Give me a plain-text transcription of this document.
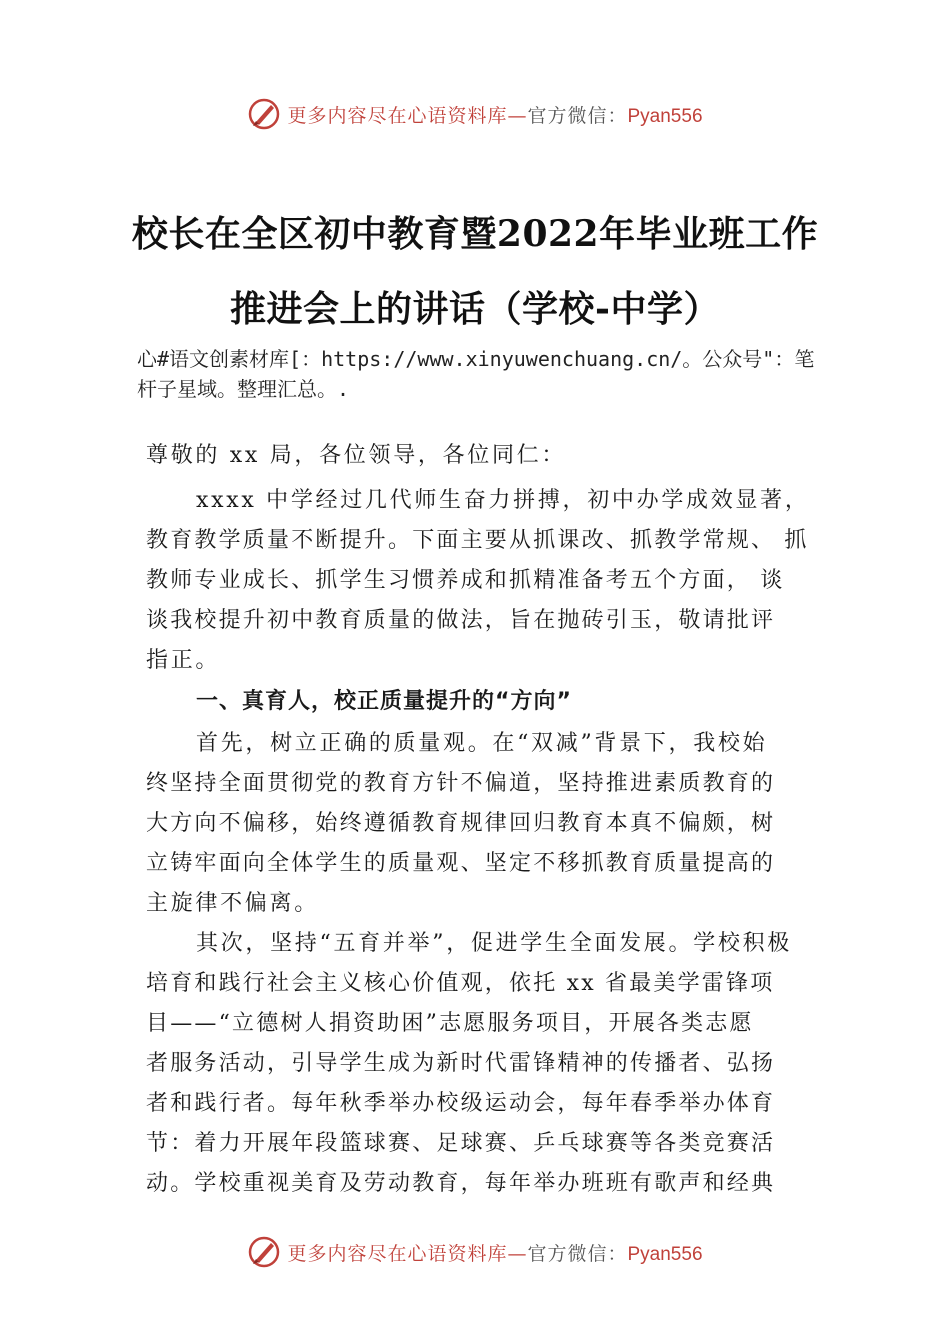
更多内容尽在心语资料库—官方微信：Pyan556
校长在全区初中教育暨2022年毕业班工作
推进会上的讲话（学校-中学）
心#语文创素材库[：https://www.xinyuwenchuang.cn/。公众号"：笔杆子星域。整理汇总。.
尊敬的 xx 局，各位领导，各位同仁：
xxxx 中学经过几代师生奋力拼搏，初中办学成效显著，
教育教学质量不断提升。下面主要从抓课改、抓教学常规、 抓
教师专业成长、抓学生习惯养成和抓精准备考五个方面， 谈
谈我校提升初中教育质量的做法，旨在抛砖引玉，敬请批评
指正。
一、真育人，校正质量提升的“方向”
首先，树立正确的质量观。在“双减”背景下，我校始
终坚持全面贯彻党的教育方针不偏道，坚持推进素质教育的
大方向不偏移，始终遵循教育规律回归教育本真不偏颇，树
立铸牢面向全体学生的质量观、坚定不移抓教育质量提高的
主旋律不偏离。
其次，坚持“五育并举”，促进学生全面发展。学校积极
培育和践行社会主义核心价值观，依托 xx 省最美学雷锋项
目——“立德树人捐资助困”志愿服务项目，开展各类志愿
者服务活动，引导学生成为新时代雷锋精神的传播者、弘扬
者和践行者。每年秋季举办校级运动会，每年春季举办体育
节：着力开展年段篮球赛、足球赛、乒乓球赛等各类竞赛活
动。学校重视美育及劳动教育，每年举办班班有歌声和经典
更多内容尽在心语资料库—官方微信：Pyan556
